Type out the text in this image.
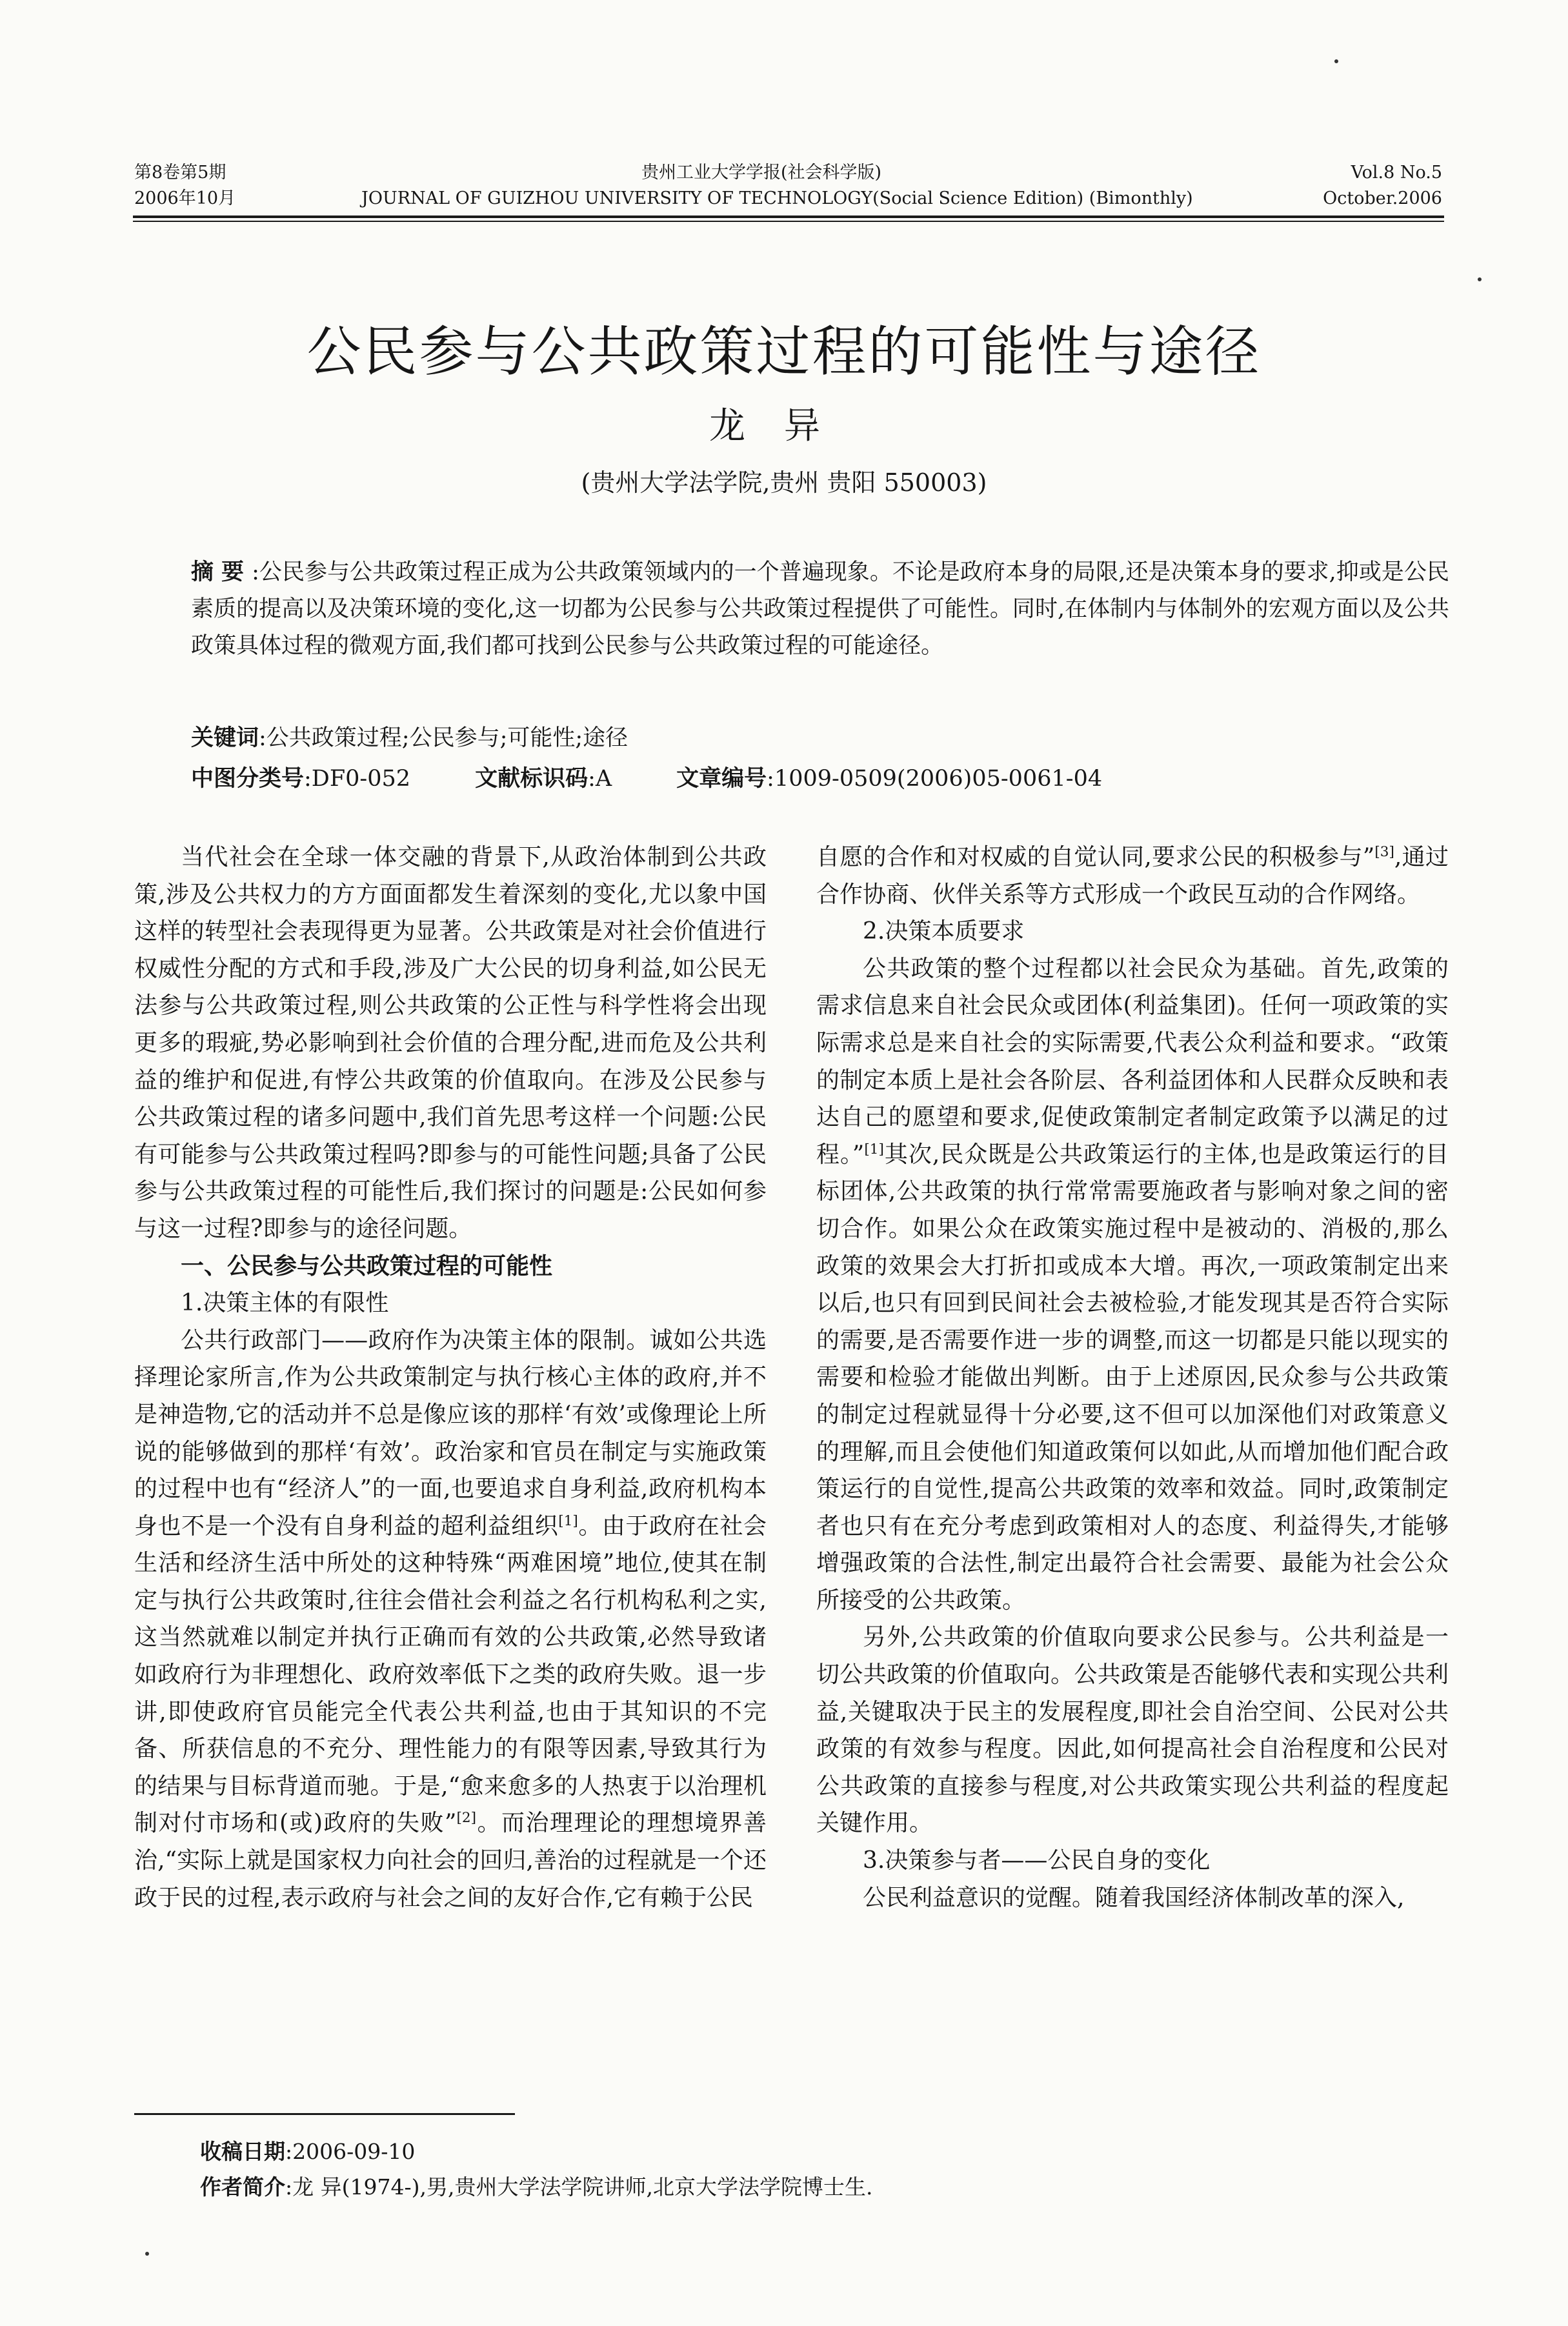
第8卷第5期
2006年10月
贵州工业大学学报(社会科学版)
JOURNAL OF GUIZHOU UNIVERSITY OF TECHNOLOGY(Social Science Edition) (Bimonthly)
Vol.8 No.5
October.2006
公民参与公共政策过程的可能性与途径
龙异
(贵州大学法学院,贵州 贵阳 550003)
摘要:公民参与公共政策过程正成为公共政策领域内的一个普遍现象。不论是政府本身的局限,还是决策本身的要求,抑或是公民素质的提高以及决策环境的变化,这一切都为公民参与公共政策过程提供了可能性。同时,在体制内与体制外的宏观方面以及公共政策具体过程的微观方面,我们都可找到公民参与公共政策过程的可能途径。
关键词:公共政策过程;公民参与;可能性;途径
中图分类号:DF0-052	文献标识码:A	文章编号:1009-0509(2006)05-0061-04

当代社会在全球一体交融的背景下,从政治体制到公共政策,涉及公共权力的方方面面都发生着深刻的变化,尤以象中国这样的转型社会表现得更为显著。公共政策是对社会价值进行权威性分配的方式和手段,涉及广大公民的切身利益,如公民无法参与公共政策过程,则公共政策的公正性与科学性将会出现更多的瑕疵,势必影响到社会价值的合理分配,进而危及公共利益的维护和促进,有悖公共政策的价值取向。在涉及公民参与公共政策过程的诸多问题中,我们首先思考这样一个问题:公民有可能参与公共政策过程吗?即参与的可能性问题;具备了公民参与公共政策过程的可能性后,我们探讨的问题是:公民如何参与这一过程?即参与的途径问题。

一、公民参与公共政策过程的可能性

1.决策主体的有限性

公共行政部门——政府作为决策主体的限制。诚如公共选择理论家所言,作为公共政策制定与执行核心主体的政府,并不是神造物,它的活动并不总是像应该的那样‘有效’或像理论上所说的能够做到的那样‘有效’。政治家和官员在制定与实施政策的过程中也有“经济人”的一面,也要追求自身利益,政府机构本身也不是一个没有自身利益的超利益组织[1]。由于政府在社会生活和经济生活中所处的这种特殊“两难困境”地位,使其在制定与执行公共政策时,往往会借社会利益之名行机构私利之实,这当然就难以制定并执行正确而有效的公共政策,必然导致诸如政府行为非理想化、政府效率低下之类的政府失败。退一步讲,即使政府官员能完全代表公共利益,也由于其知识的不完备、所获信息的不充分、理性能力的有限等因素,导致其行为的结果与目标背道而驰。于是,“愈来愈多的人热衷于以治理机制对付市场和(或)政府的失败”[2]。而治理理论的理想境界善治,“实际上就是国家权力向社会的回归,善治的过程就是一个还政于民的过程,表示政府与社会之间的友好合作,它有赖于公民

自愿的合作和对权威的自觉认同,要求公民的积极参与”[3],通过合作协商、伙伴关系等方式形成一个政民互动的合作网络。

2.决策本质要求

公共政策的整个过程都以社会民众为基础。首先,政策的需求信息来自社会民众或团体(利益集团)。任何一项政策的实际需求总是来自社会的实际需要,代表公众利益和要求。“政策的制定本质上是社会各阶层、各利益团体和人民群众反映和表达自己的愿望和要求,促使政策制定者制定政策予以满足的过程。”[1]其次,民众既是公共政策运行的主体,也是政策运行的目标团体,公共政策的执行常常需要施政者与影响对象之间的密切合作。如果公众在政策实施过程中是被动的、消极的,那么政策的效果会大打折扣或成本大增。再次,一项政策制定出来以后,也只有回到民间社会去被检验,才能发现其是否符合实际的需要,是否需要作进一步的调整,而这一切都是只能以现实的需要和检验才能做出判断。由于上述原因,民众参与公共政策的制定过程就显得十分必要,这不但可以加深他们对政策意义的理解,而且会使他们知道政策何以如此,从而增加他们配合政策运行的自觉性,提高公共政策的效率和效益。同时,政策制定者也只有在充分考虑到政策相对人的态度、利益得失,才能够增强政策的合法性,制定出最符合社会需要、最能为社会公众所接受的公共政策。

另外,公共政策的价值取向要求公民参与。公共利益是一切公共政策的价值取向。公共政策是否能够代表和实现公共利益,关键取决于民主的发展程度,即社会自治空间、公民对公共政策的有效参与程度。因此,如何提高社会自治程度和公民对公共政策的直接参与程度,对公共政策实现公共利益的程度起关键作用。

3.决策参与者——公民自身的变化

公民利益意识的觉醒。随着我国经济体制改革的深入,

收稿日期:2006-09-10
作者简介:龙 异(1974-),男,贵州大学法学院讲师,北京大学法学院博士生.
